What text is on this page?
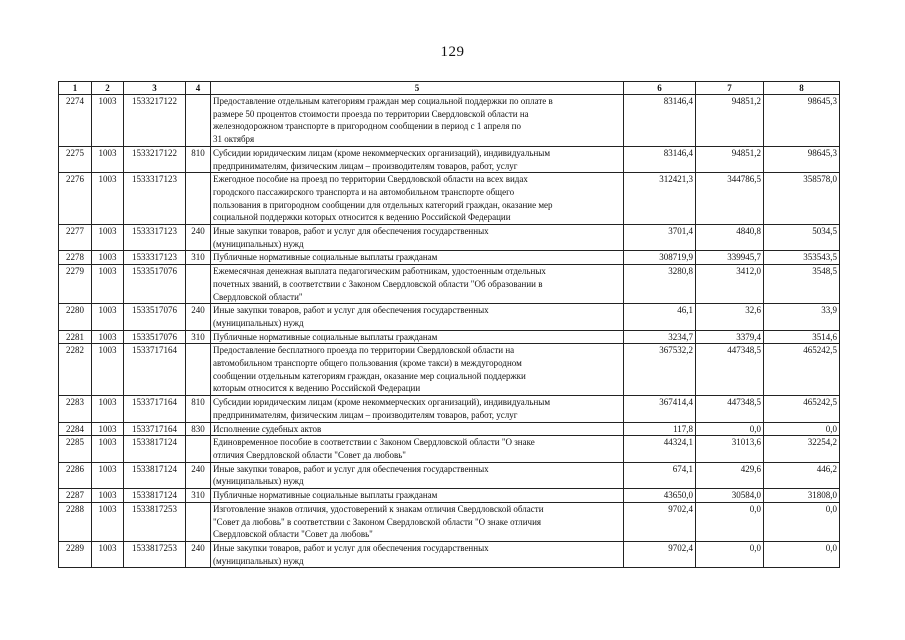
129
1	2	3	4	5	6	7	8
2274	1003	1533217122		Предоставление отдельным категориям граждан мер социальной поддержки по оплате в
размере 50 процентов стоимости проезда по территории Свердловской области на
железнодорожном транспорте в пригородном сообщении в период с 1 апреля по
31 октября	83146,4	94851,2	98645,3
2275	1003	1533217122	810	Субсидии юридическим лицам (кроме некоммерческих организаций), индивидуальным
предпринимателям, физическим лицам – производителям товаров, работ, услуг	83146,4	94851,2	98645,3
2276	1003	1533317123		Ежегодное пособие на проезд по территории Свердловской области на всех видах
городского пассажирского транспорта и на автомобильном транспорте общего
пользования в пригородном сообщении для отдельных категорий граждан, оказание мер
социальной поддержки которых относится к ведению Российской Федерации	312421,3	344786,5	358578,0
2277	1003	1533317123	240	Иные закупки товаров, работ и услуг для обеспечения государственных
(муниципальных) нужд	3701,4	4840,8	5034,5
2278	1003	1533317123	310	Публичные нормативные социальные выплаты гражданам	308719,9	339945,7	353543,5
2279	1003	1533517076		Ежемесячная денежная выплата педагогическим работникам, удостоенным отдельных
почетных званий, в соответствии с Законом Свердловской области "Об образовании в
Свердловской области"	3280,8	3412,0	3548,5
2280	1003	1533517076	240	Иные закупки товаров, работ и услуг для обеспечения государственных
(муниципальных) нужд	46,1	32,6	33,9
2281	1003	1533517076	310	Публичные нормативные социальные выплаты гражданам	3234,7	3379,4	3514,6
2282	1003	1533717164		Предоставление бесплатного проезда по территории Свердловской области на
автомобильном транспорте общего пользования (кроме такси) в междугородном
сообщении отдельным категориям граждан, оказание мер социальной поддержки
которым относится к ведению Российской Федерации	367532,2	447348,5	465242,5
2283	1003	1533717164	810	Субсидии юридическим лицам (кроме некоммерческих организаций), индивидуальным
предпринимателям, физическим лицам – производителям товаров, работ, услуг	367414,4	447348,5	465242,5
2284	1003	1533717164	830	Исполнение судебных актов	117,8	0,0	0,0
2285	1003	1533817124		Единовременное пособие в соответствии с Законом Свердловской области "О знаке
отличия Свердловской области "Совет да любовь"	44324,1	31013,6	32254,2
2286	1003	1533817124	240	Иные закупки товаров, работ и услуг для обеспечения государственных
(муниципальных) нужд	674,1	429,6	446,2
2287	1003	1533817124	310	Публичные нормативные социальные выплаты гражданам	43650,0	30584,0	31808,0
2288	1003	1533817253		Изготовление знаков отличия, удостоверений к знакам отличия Свердловской области
"Совет да любовь" в соответствии с Законом Свердловской области "О знаке отличия
Свердловской области "Совет да любовь"	9702,4	0,0	0,0
2289	1003	1533817253	240	Иные закупки товаров, работ и услуг для обеспечения государственных
(муниципальных) нужд	9702,4	0,0	0,0
